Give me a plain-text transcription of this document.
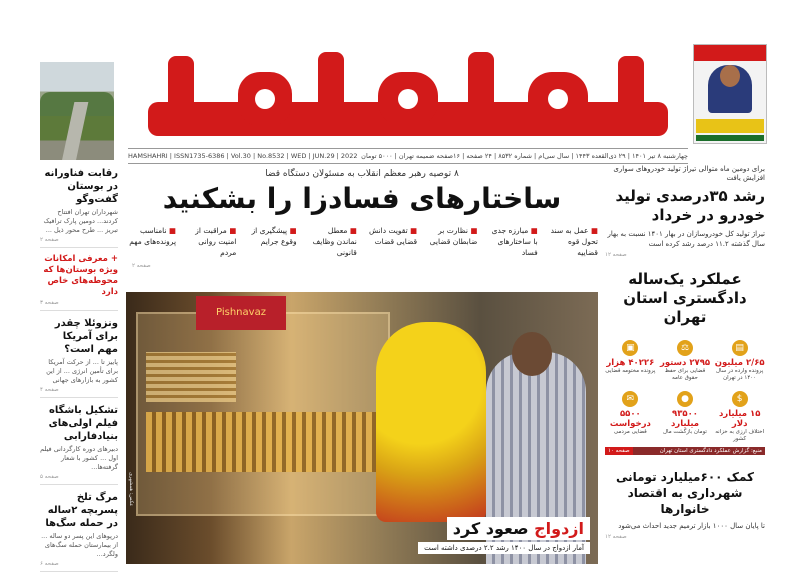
چهارشنبه ۸ تیر ۱۴۰۱ | ۲۹ ذی‌القعده ۱۴۴۳ | سال سی‌ام | شماره ۸۵۳۲ | ۲۴ صفحه | ۱۶صفحه ضمیمه تهران | ۵۰۰۰ تومان
HAMSHAHRI | ISSN1735-6386 | Vol.30 | No.8532 | WED | JUN.29 | 2022
رقابت فناورانه در بوستان گفت‌وگو
شهرداران تهران افتتاح کردند... دومین پارک ترافیک تبریز ... طرح محور ذیل ...
صفحه ۲
+ معرفی امکانات ویژه بوستان‌ها که محوطه‌های خاص دارد
صفحه ۳
ونزوئلا چقدر برای آمریکا مهم است؟
پاییز تا ... از حرکت آمریکا برای تأمین انرژی ... از این کشور به بازارهای جهانی
صفحه ۴
تشکیل باشگاه فیلم اولی‌های بنیادفارابی
دبیرهای دوره کارگردانی فیلم اول ... کشور با شعار گرفته‌ها...
صفحه ۵
مرگ تلخ پسربچه ۲ساله در حمله سگ‌ها
درپوهای این پسر دو ساله ... از بیمارستان حمله سگ‌های ولگرد...
صفحه ۶
۸ توصیه رهبر معظم انقلاب به مسئولان دستگاه قضا
ساختارهای فسادزا را بشکنید
■ عمل به سند تحول قوه قضاییه
■ مبارزه جدی با ساختارهای فساد
■ نظارت بر ضابطان قضایی
■ تقویت دانش قضایی قضات
■ معطل نماندن وظایف قانونی
■ پیشگیری از وقوع جرایم
■ مراقبت از امنیت روانی مردم
■ نامناسب پرونده‌های مهم
صفحه ۲
Pishnavaz
عکس: همشهری
ازدواج صعود کرد
آمار ازدواج در سال ۱۴۰۰ رشد ۲.۲ درصدی داشته است
برای دومین ماه متوالی تیراژ تولید خودروهای سواری افزایش یافت
رشد ۳۵درصدی تولید خودرو در خرداد
تیراژ تولید کل خودروسازان در بهار ۱۴۰۱ نسبت به بهار سال گذشته ۱۱.۲ درصد رشد کرده است
صفحه ۱۲
عملکرد یک‌ساله دادگستری استان تهران
▤
۲/۶۵ میلیون
پرونده وارده در سال ۱۴۰۰ در تهران
⚖
۲۷۹۵ دستور
قضایی برای حفظ حقوق عامه
▣
۴۰۲۲۶ هزار
پرونده مختومه قضایی
$
۱۵ میلیارد دلار
اختلاف ارزی به خزانه کشور
●
۹۳۵۰۰ میلیارد
تومان بازگشت مال
✉
۵۵۰۰ درخواست
قضایی مردمی
منبع: گزارش عملکرد دادگستری استان تهران
صفحه ۱۰
کمک ۶۰۰میلیارد تومانی شهرداری به اقتصاد خانوارها
تا پایان سال ۱۰۰۰ بازار ترمیم جدید احداث می‌شود
صفحه ۱۲
